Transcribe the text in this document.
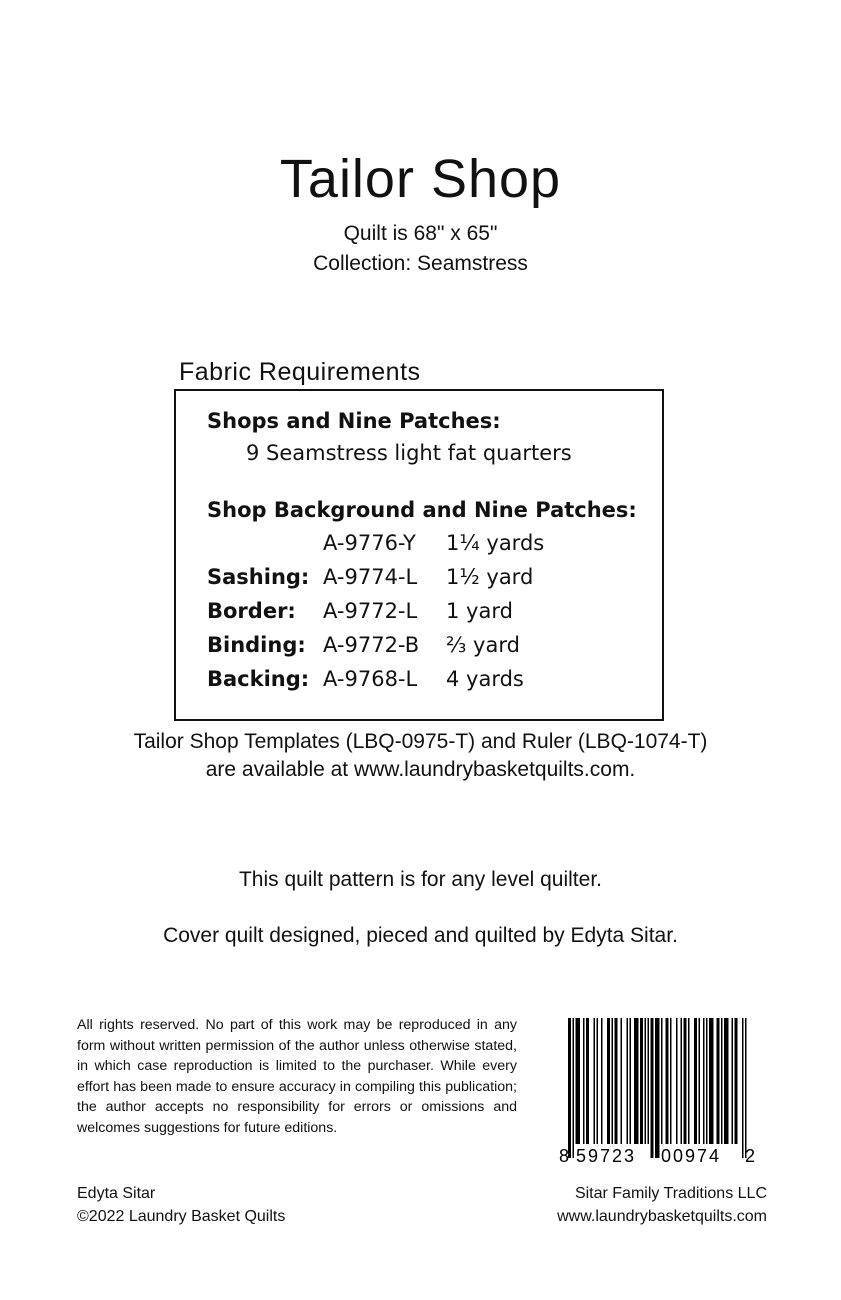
Tailor Shop
Quilt is 68" x 65"
Collection: Seamstress
Fabric Requirements
Shops and Nine Patches:
9 Seamstress light fat quarters
Shop Background and Nine Patches:
A-9776-Y 1¼ yards
Sashing: A-9774-L 1½ yard
Border: A-9772-L 1 yard
Binding: A-9772-B ⅔ yard
Backing: A-9768-L 4 yards
Tailor Shop Templates (LBQ-0975-T) and Ruler (LBQ-1074-T)
are available at www.laundrybasketquilts.com.
This quilt pattern is for any level quilter.
Cover quilt designed, pieced and quilted by Edyta Sitar.
All rights reserved. No part of this work may be reproduced in any form without written permission of the author unless otherwise stated, in which case reproduction is limited to the purchaser. While every effort has been made to ensure accuracy in compiling this publication; the author accepts no responsibility for errors or omissions and welcomes suggestions for future editions.
8 59723 00974 2
Edyta Sitar
©2022 Laundry Basket Quilts
Sitar Family Traditions LLC
www.laundrybasketquilts.com
